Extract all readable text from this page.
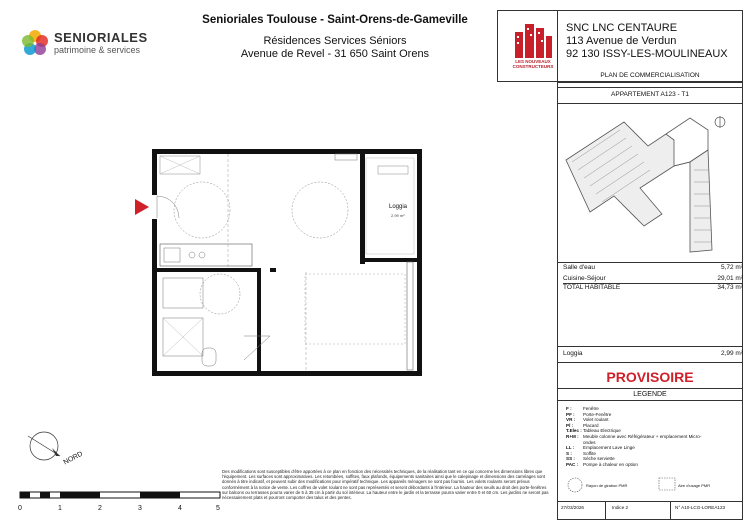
SENIORIALES
patrimoine & services
Senioriales Toulouse - Saint-Orens-de-Gameville
Résidences Services Séniors
Avenue de Revel - 31 650 Saint Orens
LES NOUVEAUX
CONSTRUCTEURS
SNC LNC CENTAURE
113 Avenue de Verdun
92 130 ISSY-LES-MOULINEAUX
PLAN DE COMMERCIALISATION
APPARTEMENT A123 - T1
Salle d'eau	5,72 m²
Cuisine-Séjour	29,01 m²
TOTAL HABITABLE	34,73 m²
Loggia	2,99 m²
PROVISOIRE
LEGENDE
F :	Fenêtre
PF :	Porte-Fenêtre
VR :	Volet roulant
Pl :	Placard
T.Elec : Tableau Electrique
R+M : Meuble colonne avec Réfrigérateur + emplacement Micro-ondes
LL :	Emplacement Lave Linge
S :	Soffite
SS :	Sèche serviette
PAC :	Pompe à chaleur en option
Rayon de giration PMR	Aire d'usage PMR
27/03/2026	Indice 2	N° A10-LCG-LOREA123
Loggia
2,99 m²
NORD
0	1	2	3	4	5
Des modifications sont susceptibles d'être apportées à ce plan en fonction des nécessités techniques, de la réalisation tant en ce qui concerne les dimensions libres que l'équipement. Les surfaces sont approximatives. Les retombées, soffites, faux plafonds, équipements sanitaires ainsi que le calepinage et dimensions des carrelages sont donnés à titre indicatif, et peuvent subir des modifications pour impératif technique. Les appareils ménagers ne sont pas fournis. Les volets roulants seront prévus conformément à la notice de vente. Les coffres de volet roulant ne sont pas représentés et seront débordants à l'intérieur. La hauteur des seuils au droit des porte-fenêtres sur balcons ou terrasses pourra varier de 5 à 35 cm à partir du sol intérieur. La hauteur entre le jardin et la terrasse pourra varier entre 0 et 60 cm. Les jardins ne seront pas nécessairement plats et pourront comporter des talus et des pentes.
